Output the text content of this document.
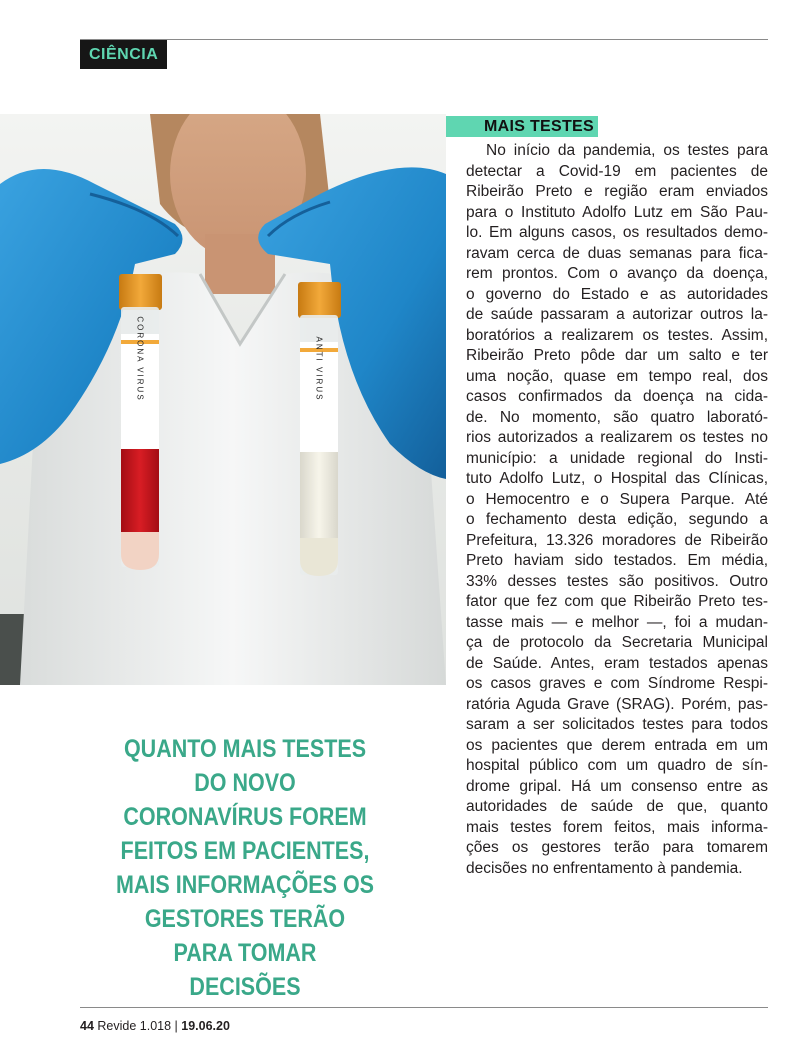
CIÊNCIA
CORONA VIRUS	ANTI VIRUS

QUANTO MAIS TESTES DO NOVO CORONAVÍRUS FOREM FEITOS EM PACIENTES, MAIS INFORMAÇÕES OS GESTORES TERÃO PARA TOMAR DECISÕES

MAIS TESTES
No início da pandemia, os testes para
detectar a Covid-19 em pacientes de
Ribeirão Preto e região eram enviados
para o Instituto Adolfo Lutz em São Pau-
lo. Em alguns casos, os resultados demo-
ravam cerca de duas semanas para fica-
rem prontos. Com o avanço da doença,
o governo do Estado e as autoridades
de saúde passaram a autorizar outros la-
boratórios a realizarem os testes. Assim,
Ribeirão Preto pôde dar um salto e ter
uma noção, quase em tempo real, dos
casos confirmados da doença na cida-
de. No momento, são quatro laborató-
rios autorizados a realizarem os testes no
município: a unidade regional do Insti-
tuto Adolfo Lutz, o Hospital das Clínicas,
o Hemocentro e o Supera Parque. Até
o fechamento desta edição, segundo a
Prefeitura, 13.326 moradores de Ribeirão
Preto haviam sido testados. Em média,
33% desses testes são positivos. Outro
fator que fez com que Ribeirão Preto tes-
tasse mais — e melhor —, foi a mudan-
ça de protocolo da Secretaria Municipal
de Saúde. Antes, eram testados apenas
os casos graves e com Síndrome Respi-
ratória Aguda Grave (SRAG). Porém, pas-
saram a ser solicitados testes para todos
os pacientes que derem entrada em um
hospital público com um quadro de sín-
drome gripal. Há um consenso entre as
autoridades de saúde de que, quanto
mais testes forem feitos, mais informa-
ções os gestores terão para tomarem
decisões no enfrentamento à pandemia.
44 Revide 1.018 | 19.06.20
